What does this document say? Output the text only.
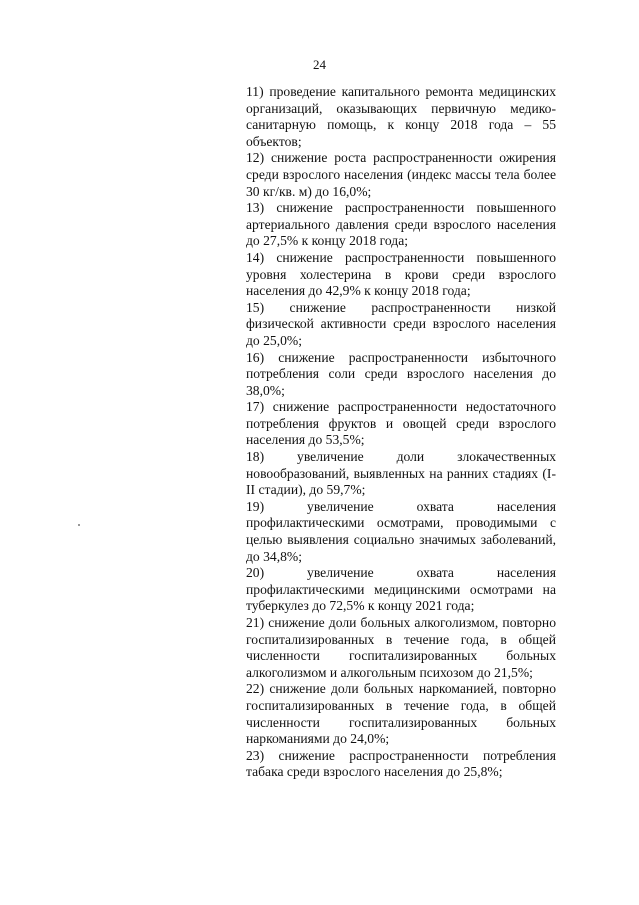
24

11) проведение капитального ремонта медицинских организаций, оказывающих первичную медико-санитарную помощь, к концу 2018 года – 55 объектов;

12) снижение роста распространенности ожирения среди взрослого населения (индекс массы тела более 30 кг/кв. м) до 16,0%;

13) снижение распространенности повышенного артериального давления среди взрослого населения до 27,5% к концу 2018 года;

14) снижение распространенности повышенного уровня холестерина в крови среди взрослого населения до 42,9% к концу 2018 года;

15) снижение распространенности низкой физической активности среди взрослого населения до 25,0%;

16) снижение распространенности избыточного потребления соли среди взрослого населения до 38,0%;

17) снижение распространенности недостаточного потребления фруктов и овощей среди взрослого населения до 53,5%;

18) увеличение доли злокачественных новообразований, выявленных на ранних стадиях (I-II стадии), до 59,7%;

19) увеличение охвата населения профилактическими осмотрами, проводимыми с целью выявления социально значимых заболеваний, до 34,8%;

20) увеличение охвата населения профилактическими медицинскими осмотрами на туберкулез до 72,5% к концу 2021 года;

21) снижение доли больных алкоголизмом, повторно госпитализированных в течение года, в общей численности госпитализированных больных алкоголизмом и алкогольным психозом до 21,5%;

22) снижение доли больных наркоманией, повторно госпитализированных в течение года, в общей численности госпитализированных больных наркоманиями до 24,0%;

23) снижение распространенности потребления табака среди взрослого населения до 25,8%;
